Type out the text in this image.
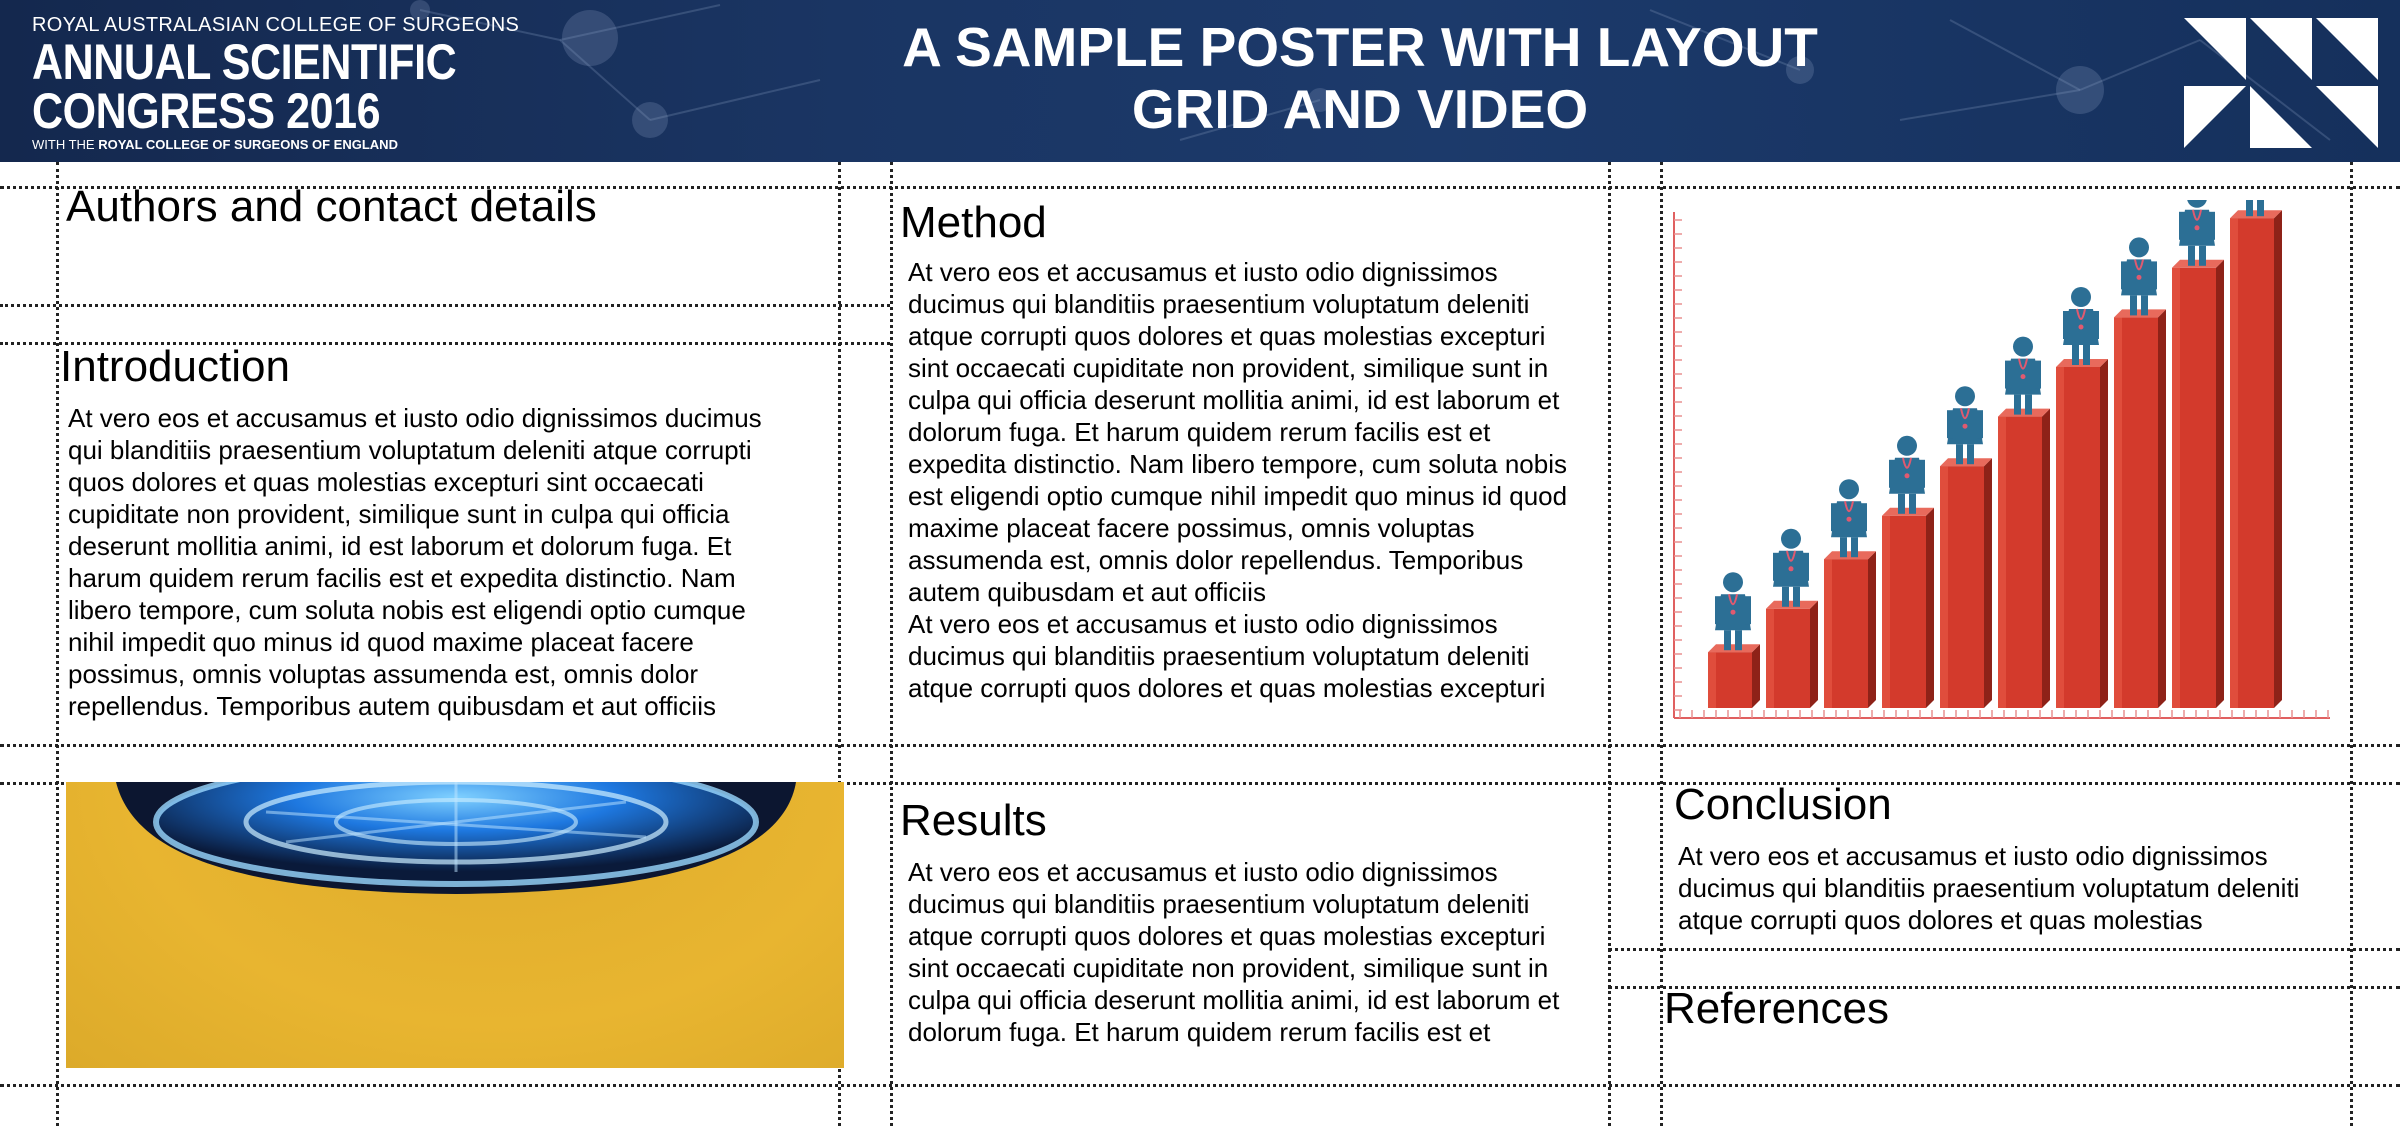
ROYAL AUSTRALASIAN COLLEGE OF SURGEONS
ANNUAL SCIENTIFIC
CONGRESS 2016
WITH THE ROYAL COLLEGE OF SURGEONS OF ENGLAND
A SAMPLE POSTER WITH LAYOUT
GRID AND VIDEO
Authors and contact details
Introduction
At vero eos et accusamus et iusto odio dignissimos ducimus
qui blanditiis praesentium voluptatum deleniti atque corrupti
quos dolores et quas molestias excepturi sint occaecati
cupiditate non provident, similique sunt in culpa qui officia
deserunt mollitia animi, id est laborum et dolorum fuga. Et
harum quidem rerum facilis est et expedita distinctio. Nam
libero tempore, cum soluta nobis est eligendi optio cumque
nihil impedit quo minus id quod maxime placeat facere
possimus, omnis voluptas assumenda est, omnis dolor
repellendus. Temporibus autem quibusdam et aut officiis
Method
At vero eos et accusamus et iusto odio dignissimos
ducimus qui blanditiis praesentium voluptatum deleniti
atque corrupti quos dolores et quas molestias excepturi
sint occaecati cupiditate non provident, similique sunt in
culpa qui officia deserunt mollitia animi, id est laborum et
dolorum fuga. Et harum quidem rerum facilis est et
expedita distinctio. Nam libero tempore, cum soluta nobis
est eligendi optio cumque nihil impedit quo minus id quod
maxime placeat facere possimus, omnis voluptas
assumenda est, omnis dolor repellendus. Temporibus
autem quibusdam et aut officiis
At vero eos et accusamus et iusto odio dignissimos
ducimus qui blanditiis praesentium voluptatum deleniti
atque corrupti quos dolores et quas molestias excepturi
Results
At vero eos et accusamus et iusto odio dignissimos
ducimus qui blanditiis praesentium voluptatum deleniti
atque corrupti quos dolores et quas molestias excepturi
sint occaecati cupiditate non provident, similique sunt in
culpa qui officia deserunt mollitia animi, id est laborum et
dolorum fuga. Et harum quidem rerum facilis est et
Conclusion
At vero eos et accusamus et iusto odio dignissimos
ducimus qui blanditiis praesentium voluptatum deleniti
atque corrupti quos dolores et quas molestias
References
